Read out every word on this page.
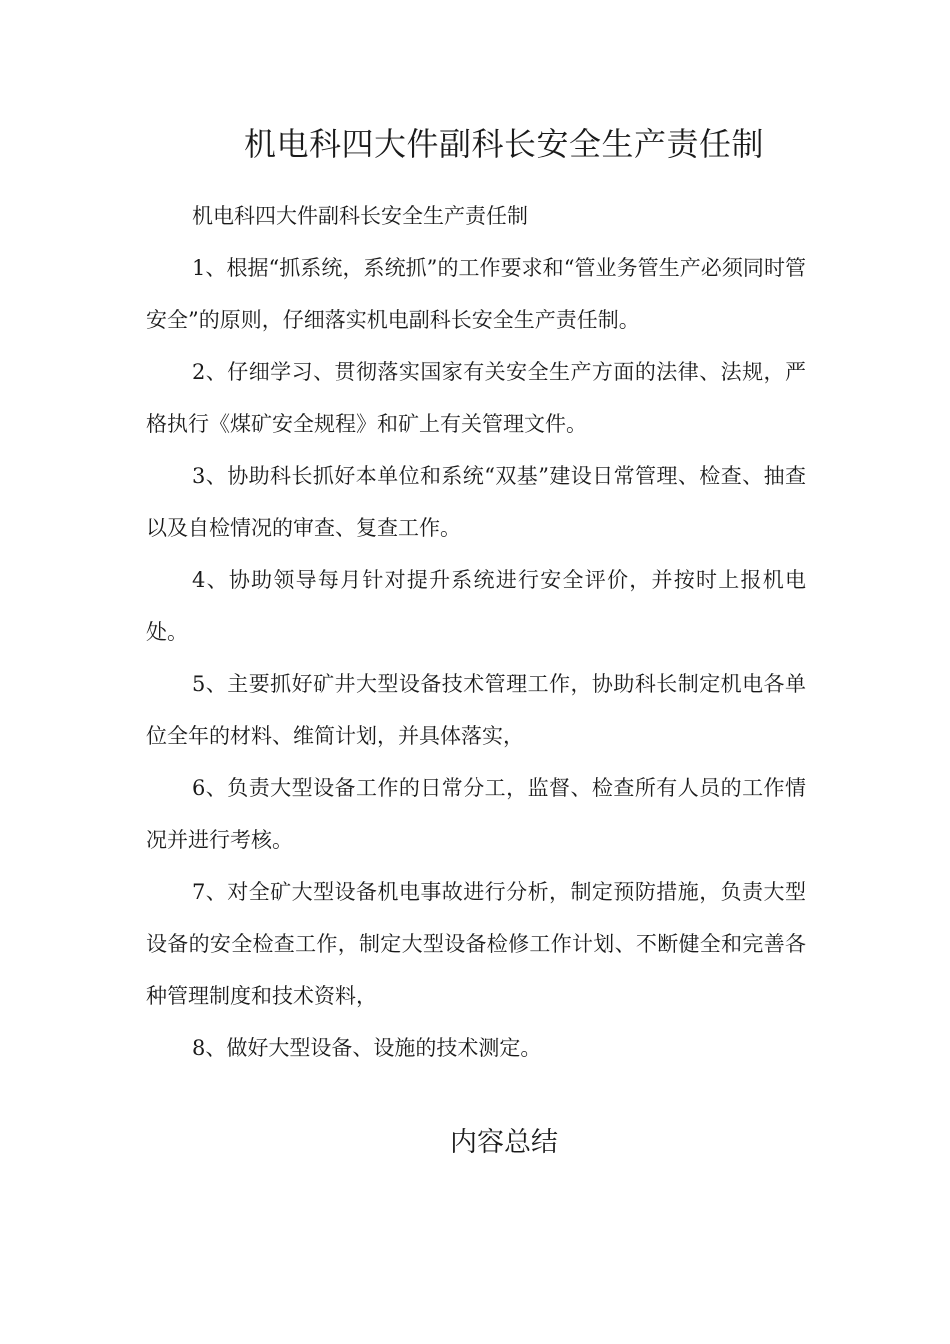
机电科四大件副科长安全生产责任制

机电科四大件副科长安全生产责任制

1、根据“抓系统，系统抓”的工作要求和“管业务管生产必须同时管安全”的原则，仔细落实机电副科长安全生产责任制。

2、仔细学习、贯彻落实国家有关安全生产方面的法律、法规，严格执行《煤矿安全规程》和矿上有关管理文件。

3、协助科长抓好本单位和系统“双基”建设日常管理、检查、抽查以及自检情况的审查、复查工作。

4、协助领导每月针对提升系统进行安全评价，并按时上报机电处。

5、主要抓好矿井大型设备技术管理工作，协助科长制定机电各单位全年的材料、维简计划，并具体落实，

6、负责大型设备工作的日常分工，监督、检查所有人员的工作情况并进行考核。

7、对全矿大型设备机电事故进行分析，制定预防措施，负责大型设备的安全检查工作，制定大型设备检修工作计划、不断健全和完善各种管理制度和技术资料，

8、做好大型设备、设施的技术测定。

内容总结
